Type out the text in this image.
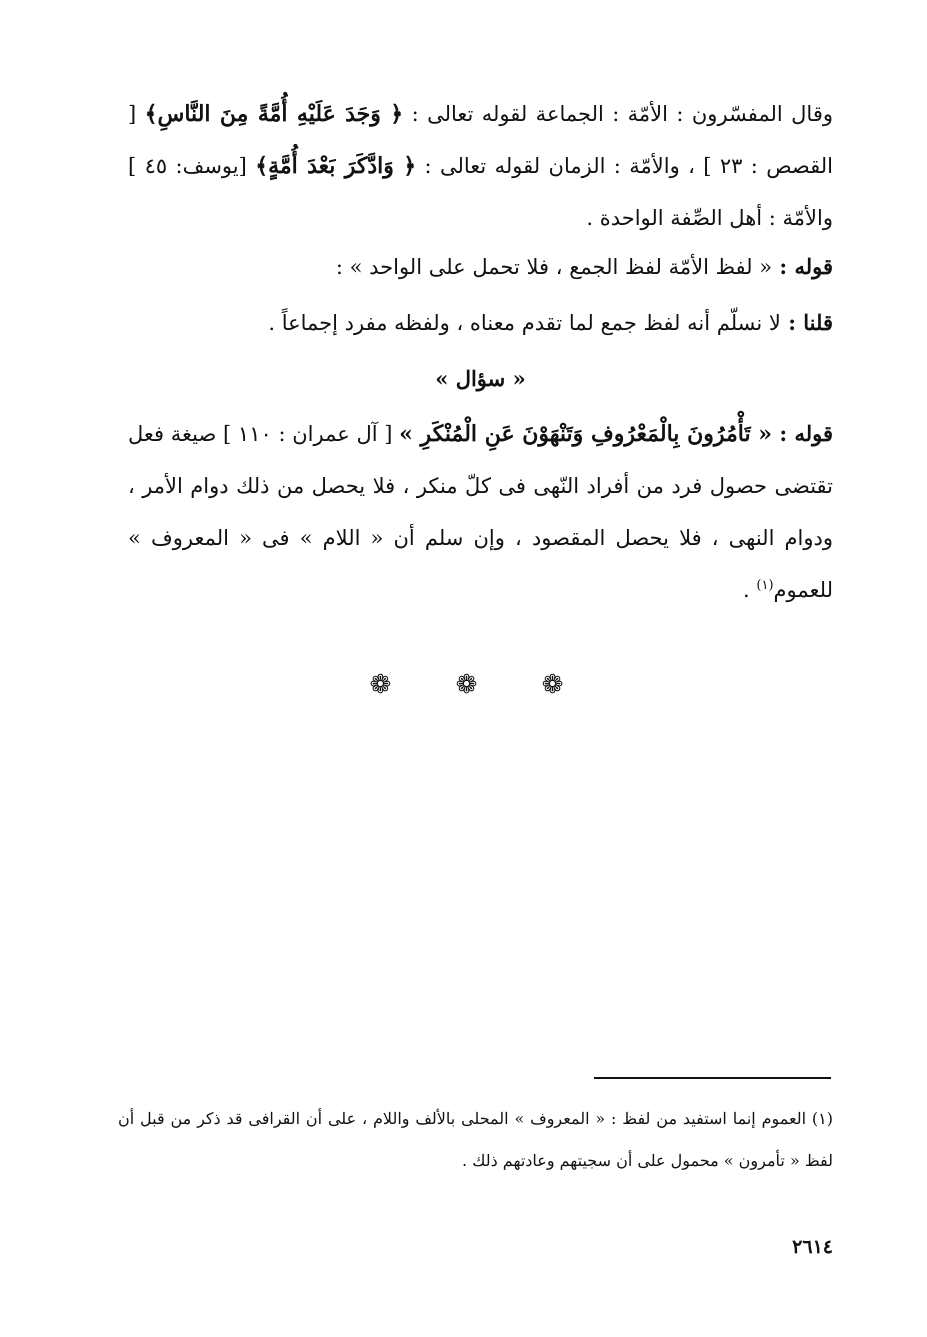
وقال المفسّرون : الأمّة : الجماعة لقوله تعالى : ﴿ وَجَدَ عَلَيْهِ أُمَّةً مِنَ النَّاسِ﴾ [ القصص : ٢٣ ] ، والأمّة : الزمان لقوله تعالى : ﴿ وَادَّكَرَ بَعْدَ أُمَّةٍ﴾ [يوسف: ٤٥ ] والأمّة : أهل الصِّفة الواحدة .
قوله : « لفظ الأمّة لفظ الجمع ، فلا تحمل على الواحد » :
قلنا : لا نسلّم أنه لفظ جمع لما تقدم معناه ، ولفظه مفرد إجماعاً .
« سؤال »
قوله : « تَأْمُرُونَ بِالْمَعْرُوفِ وَتَنْهَوْنَ عَنِ الْمُنْكَرِ » [ آل عمران : ١١٠ ] صيغة فعل تقتضى حصول فرد من أفراد النّهى فى كلّ منكر ، فلا يحصل من ذلك دوام الأمر ، ودوام النهى ، فلا يحصل المقصود ، وإن سلم أن « اللام » فى « المعروف » للعموم$^{(١)}$ .
❁ ❁ ❁
(١) العموم إنما استفيد من لفظ : « المعروف » المحلى بالألف واللام ، على أن القرافى قد ذكر من قبل أن لفظ « تأمرون » محمول على أن سجيتهم وعادتهم ذلك .
٢٦١٤
